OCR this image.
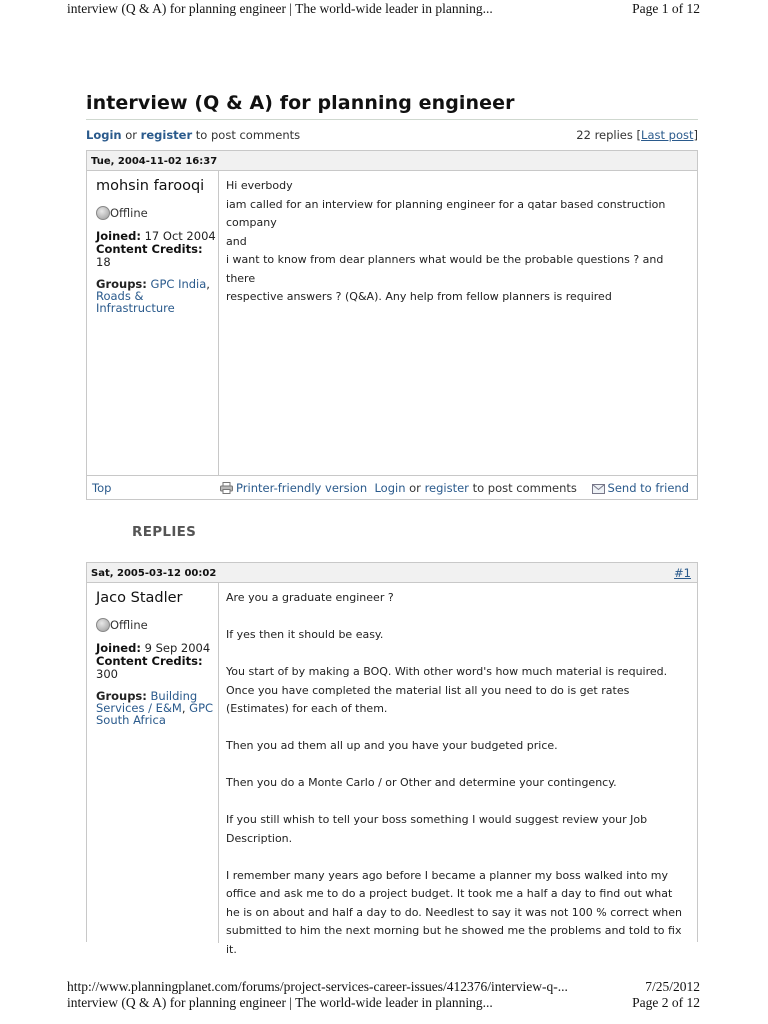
interview (Q & A) for planning engineer | The world-wide leader in planning...	Page 1 of 12
interview (Q & A) for planning engineer
Login or register to post comments	22 replies [Last post]
Tue, 2004-11-02 16:37
mohsin farooqi
Offline
Joined: 17 Oct 2004
Content Credits: 18
Groups: GPC India, Roads & Infrastructure
Hi everbody
iam called for an interview for planning engineer for a qatar based construction company
and
i want to know from dear planners what would be the probable questions ? and there
respective answers ? (Q&A). Any help from fellow planners is required
Top	Printer-friendly version Login or register to post comments	Send to friend
REPLIES
Sat, 2005-03-12 00:02	#1
Jaco Stadler
Offline
Joined: 9 Sep 2004
Content Credits:
300
Groups: Building Services / E&M, GPC South Africa
Are you a graduate engineer ?
If yes then it should be easy.
You start of by making a BOQ. With other word's how much material is required. Once you have completed the material list all you need to do is get rates (Estimates) for each of them.
Then you ad them all up and you have your budgeted price.
Then you do a Monte Carlo / or Other and determine your contingency.
If you still whish to tell your boss something I would suggest review your Job Description.
I remember many years ago before I became a planner my boss walked into my office and ask me to do a project budget. It took me a half a day to find out what he is on about and half a day to do. Needlest to say it was not 100 % correct when submitted to him the next morning but he showed me the problems and told to fix it.
http://www.planningplanet.com/forums/project-services-career-issues/412376/interview-q-...	7/25/2012
interview (Q & A) for planning engineer | The world-wide leader in planning...	Page 2 of 12
